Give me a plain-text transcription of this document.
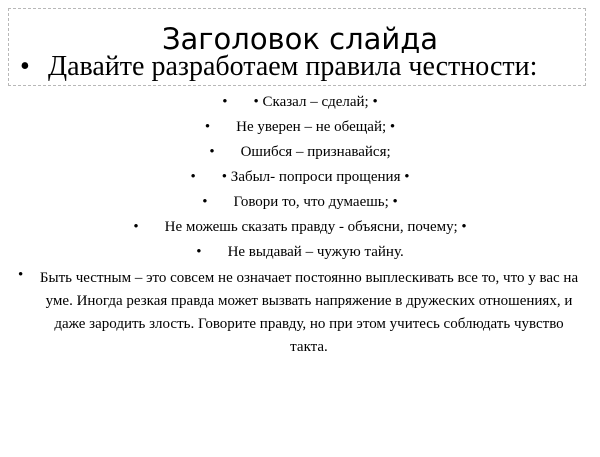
Заголовок слайда
• Давайте разработаем правила честности:
• • Сказал – сделай; •
• Не уверен – не обещай; •
• Ошибся – признавайся;
• • Забыл- попроси прощения •
• Говори то, что думаешь; •
• Не можешь сказать правду - объясни, почему; •
• Не выдавай – чужую тайну.
• Быть честным – это совсем не означает постоянно выплескивать все то, что у вас на уме. Иногда резкая правда может вызвать напряжение в дружеских отношениях, и даже зародить злость. Говорите правду, но при этом учитесь соблюдать чувство такта.
